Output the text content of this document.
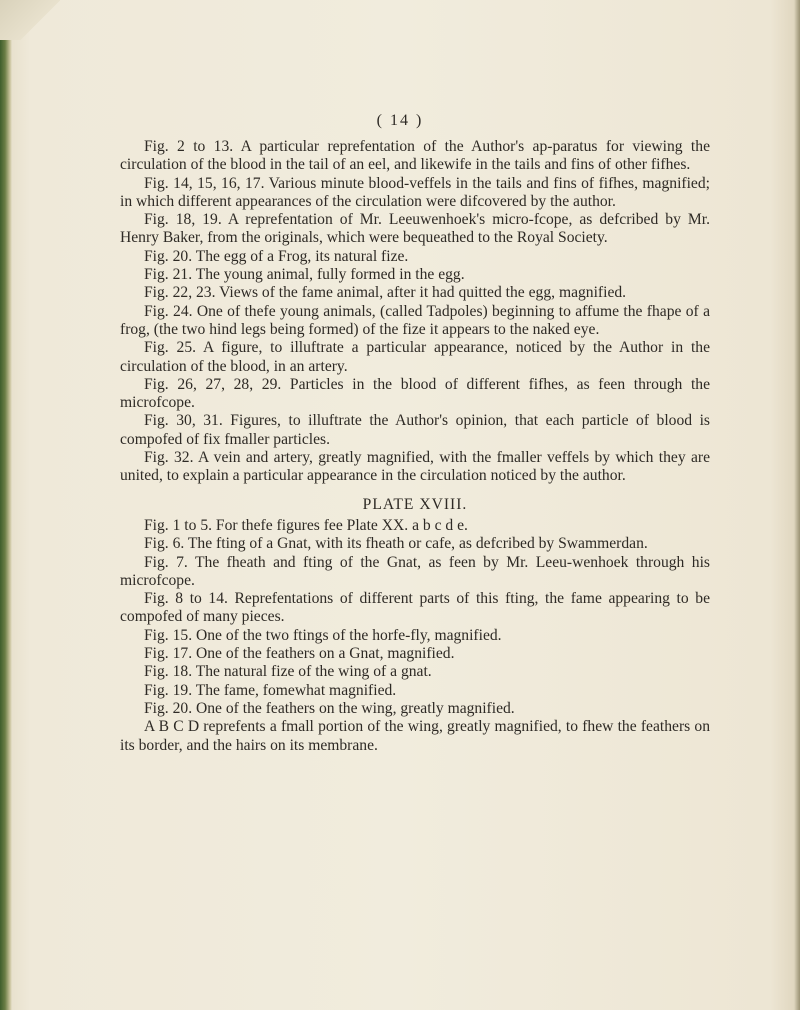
( 14 )

Fig. 2 to 13. A particular reprefentation of the Author's ap-paratus for viewing the circulation of the blood in the tail of an eel, and likewife in the tails and fins of other fifhes.

Fig. 14, 15, 16, 17. Various minute blood-veffels in the tails and fins of fifhes, magnified; in which different appearances of the circulation were difcovered by the author.

Fig. 18, 19. A reprefentation of Mr. Leeuwenhoek's micro-fcope, as defcribed by Mr. Henry Baker, from the originals, which were bequeathed to the Royal Society.

Fig. 20. The egg of a Frog, its natural fize.

Fig. 21. The young animal, fully formed in the egg.

Fig. 22, 23. Views of the fame animal, after it had quitted the egg, magnified.

Fig. 24. One of thefe young animals, (called Tadpoles) beginning to affume the fhape of a frog, (the two hind legs being formed) of the fize it appears to the naked eye.

Fig. 25. A figure, to illuftrate a particular appearance, noticed by the Author in the circulation of the blood, in an artery.

Fig. 26, 27, 28, 29. Particles in the blood of different fifhes, as feen through the microfcope.

Fig. 30, 31. Figures, to illuftrate the Author's opinion, that each particle of blood is compofed of fix fmaller particles.

Fig. 32. A vein and artery, greatly magnified, with the fmaller veffels by which they are united, to explain a particular appearance in the circulation noticed by the author.

PLATE XVIII.

Fig. 1 to 5. For thefe figures fee Plate XX. a b c d e.

Fig. 6. The fting of a Gnat, with its fheath or cafe, as defcribed by Swammerdan.

Fig. 7. The fheath and fting of the Gnat, as feen by Mr. Leeu-wenhoek through his microfcope.

Fig. 8 to 14. Reprefentations of different parts of this fting, the fame appearing to be compofed of many pieces.

Fig. 15. One of the two ftings of the horfe-fly, magnified.

Fig. 17. One of the feathers on a Gnat, magnified.

Fig. 18. The natural fize of the wing of a gnat.

Fig. 19. The fame, fomewhat magnified.

Fig. 20. One of the feathers on the wing, greatly magnified.

A B C D reprefents a fmall portion of the wing, greatly magnified, to fhew the feathers on its border, and the hairs on its membrane.
